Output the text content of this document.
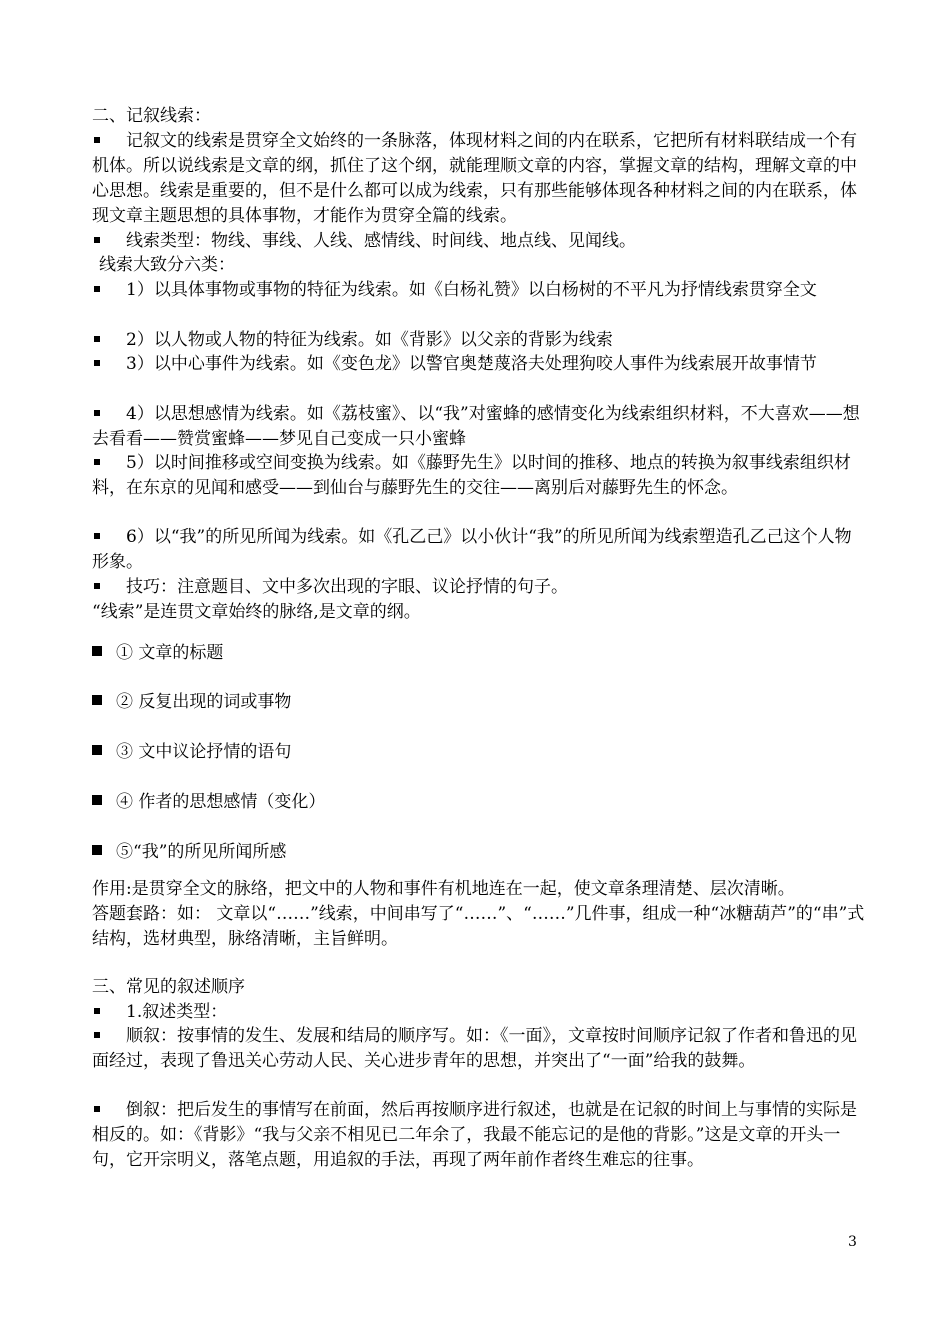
二、记叙线索：

记叙文的线索是贯穿全文始终的一条脉落，体现材料之间的内在联系，它把所有材料联结成一个有机体。所以说线索是文章的纲，抓住了这个纲，就能理顺文章的内容，掌握文章的结构，理解文章的中心思想。线索是重要的，但不是什么都可以成为线索，只有那些能够体现各种材料之间的内在联系，体现文章主题思想的具体事物，才能作为贯穿全篇的线索。

线索类型：物线、事线、人线、感情线、时间线、地点线、见闻线。

线索大致分六类：

1）以具体事物或事物的特征为线索。如《白杨礼赞》以白杨树的不平凡为抒情线索贯穿全文

2）以人物或人物的特征为线索。如《背影》以父亲的背影为线索

3）以中心事件为线索。如《变色龙》以警官奥楚蔑洛夫处理狗咬人事件为线索展开故事情节

4）以思想感情为线索。如《荔枝蜜》、以“我”对蜜蜂的感情变化为线索组织材料，不大喜欢——想去看看——赞赏蜜蜂——梦见自己变成一只小蜜蜂

5）以时间推移或空间变换为线索。如《藤野先生》以时间的推移、地点的转换为叙事线索组织材料，在东京的见闻和感受——到仙台与藤野先生的交往——离别后对藤野先生的怀念。

6）以“我”的所见所闻为线索。如《孔乙己》以小伙计“我”的所见所闻为线索塑造孔乙己这个人物形象。

技巧：注意题目、文中多次出现的字眼、议论抒情的句子。

“线索”是连贯文章始终的脉络,是文章的纲。

① 文章的标题
② 反复出现的词或事物
③ 文中议论抒情的语句
④ 作者的思想感情（变化）
⑤“我”的所见所闻所感

作用:是贯穿全文的脉络，把文中的人物和事件有机地连在一起，使文章条理清楚、层次清晰。

答题套路：如： 文章以“……”线索，中间串写了“……”、“……”几件事，组成一种“冰糖葫芦”的“串”式结构，选材典型，脉络清晰，主旨鲜明。

三、常见的叙述顺序

1.叙述类型：

顺叙：按事情的发生、发展和结局的顺序写。如：《一面》，文章按时间顺序记叙了作者和鲁迅的见面经过，表现了鲁迅关心劳动人民、关心进步青年的思想，并突出了“一面”给我的鼓舞。

倒叙：把后发生的事情写在前面，然后再按顺序进行叙述，也就是在记叙的时间上与事情的实际是相反的。如：《背影》“我与父亲不相见已二年余了，我最不能忘记的是他的背影。”这是文章的开头一句，它开宗明义，落笔点题，用追叙的手法，再现了两年前作者终生难忘的往事。

3
